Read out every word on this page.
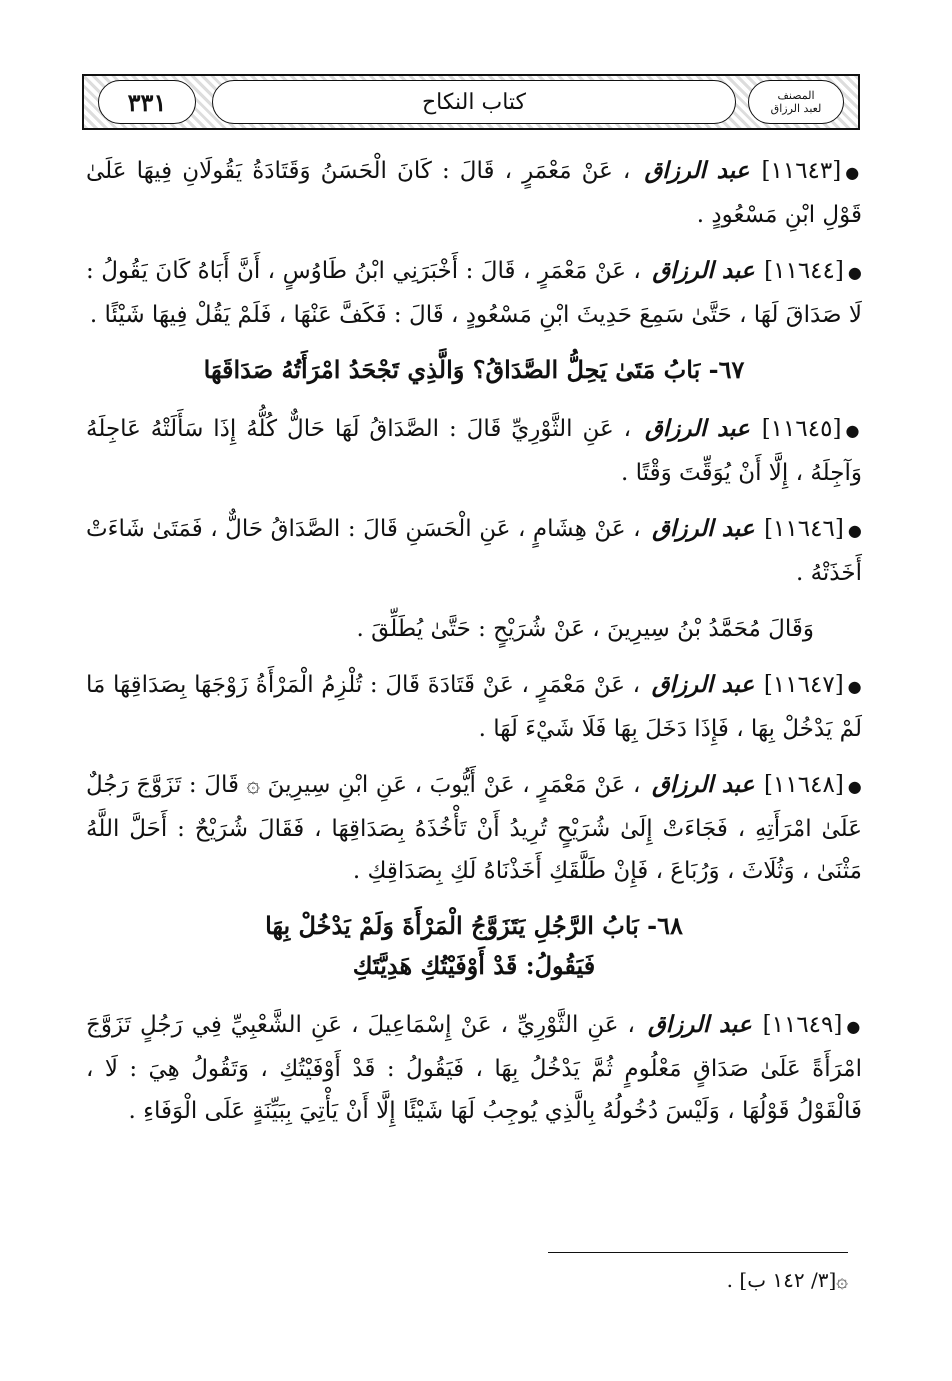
٣٣١	كتاب النكاح	المصنف
لعبد الرزاق

●[١١٦٤٣] عبد الرزاق ، عَنْ مَعْمَرٍ ، قَالَ : كَانَ الْحَسَنُ وَقَتَادَةُ يَقُولَانِ فِيهَا عَلَىٰ قَوْلِ ابْنِ مَسْعُودٍ .

●[١١٦٤٤] عبد الرزاق ، عَنْ مَعْمَرٍ ، قَالَ : أَخْبَرَنِي ابْنُ طَاوُسٍ ، أَنَّ أَبَاهُ كَانَ يَقُولُ : لَا صَدَاقَ لَهَا ، حَتَّىٰ سَمِعَ حَدِيثَ ابْنِ مَسْعُودٍ ، قَالَ : فَكَفَّ عَنْهَا ، فَلَمْ يَقُلْ فِيهَا شَيْئًا .

٦٧- بَابُ مَتَىٰ يَحِلُّ الصَّدَاقُ؟ وَالَّذِي تَجْحَدُ امْرَأَتُهُ صَدَاقَهَا

●[١١٦٤٥] عبد الرزاق ، عَنِ الثَّوْرِيِّ قَالَ : الصَّدَاقُ لَهَا حَالٌّ كُلُّهُ إِذَا سَأَلَتْهُ عَاجِلَهُ وَآجِلَهُ ، إِلَّا أَنْ يُوَقِّتَ وَقْتًا .

●[١١٦٤٦] عبد الرزاق ، عَنْ هِشَامٍ ، عَنِ الْحَسَنِ قَالَ : الصَّدَاقُ حَالٌّ ، فَمَتَىٰ شَاءَتْ أَخَذَتْهُ .

وَقَالَ مُحَمَّدُ بْنُ سِيرِينَ ، عَنْ شُرَيْحٍ : حَتَّىٰ يُطَلِّقَ .

●[١١٦٤٧] عبد الرزاق ، عَنْ مَعْمَرٍ ، عَنْ قَتَادَةَ قَالَ : تُلْزِمُ الْمَرْأَةُ زَوْجَهَا بِصَدَاقِهَا مَا لَمْ يَدْخُلْ بِهَا ، فَإِذَا دَخَلَ بِهَا فَلَا شَيْءَ لَهَا .

●[١١٦٤٨] عبد الرزاق ، عَنْ مَعْمَرٍ ، عَنْ أَيُّوبَ ، عَنِ ابْنِ سِيرِينَ ۞ قَالَ : تَزَوَّجَ رَجُلٌ عَلَىٰ امْرَأَتِهِ ، فَجَاءَتْ إِلَىٰ شُرَيْحٍ تُرِيدُ أَنْ تَأْخُذَهُ بِصَدَاقِهَا ، فَقَالَ شُرَيْحٌ : أَحَلَّ اللَّهُ مَثْنَىٰ ، وَثُلَاثَ ، وَرُبَاعَ ، فَإِنْ طَلَّقَكِ أَخَذْنَاهُ لَكِ بِصَدَاقِكِ .

٦٨- بَابُ الرَّجُلِ يَتَزَوَّجُ الْمَرْأَةَ وَلَمْ يَدْخُلْ بِهَا
فَيَقُولُ: قَدْ أَوْفَيْتُكِ هَدِيَّتَكِ

●[١١٦٤٩] عبد الرزاق ، عَنِ الثَّوْرِيِّ ، عَنْ إِسْمَاعِيلَ ، عَنِ الشَّعْبِيِّ فِي رَجُلٍ تَزَوَّجَ امْرَأَةً عَلَىٰ صَدَاقٍ مَعْلُومٍ ثُمَّ يَدْخُلُ بِهَا ، فَيَقُولُ : قَدْ أَوْفَيْتُكِ ، وَتَقُولُ هِيَ : لَا ، فَالْقَوْلُ قَوْلُهَا ، وَلَيْسَ دُخُولُهُ بِالَّذِي يُوجِبُ لَهَا شَيْئًا إِلَّا أَنْ يَأْتِيَ بِبَيِّنَةٍ عَلَى الْوَفَاءِ .

۞[٣/ ١٤٢ ب] .
